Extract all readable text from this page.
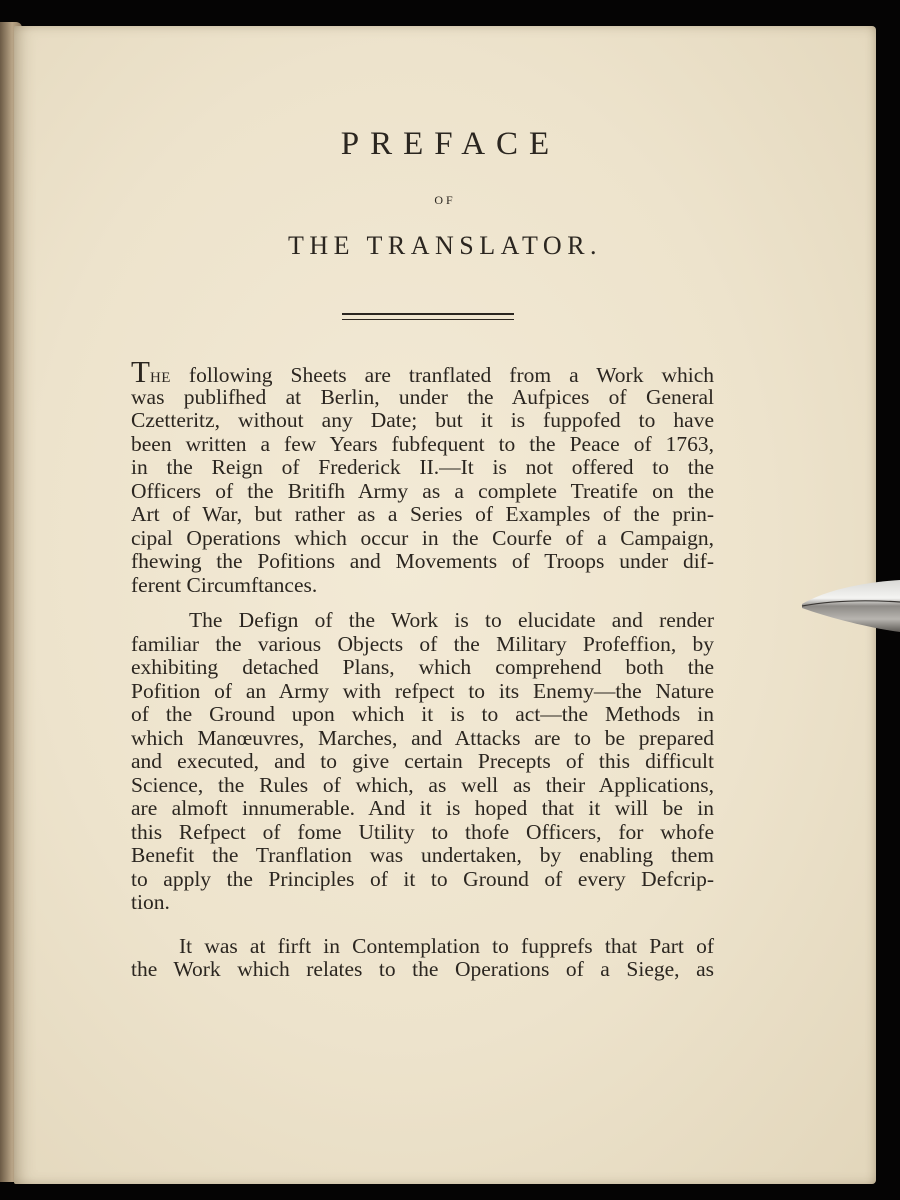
PREFACE
OF
THE TRANSLATOR.
THE following Sheets are tranflated from a Work which
was publifhed at Berlin, under the Aufpices of General
Czetteritz, without any Date; but it is fuppofed to have
been written a few Years fubfequent to the Peace of 1763,
in the Reign of Frederick II.—It is not offered to the
Officers of the Britifh Army as a complete Treatife on the
Art of War, but rather as a Series of Examples of the prin-
cipal Operations which occur in the Courfe of a Campaign,
fhewing the Pofitions and Movements of Troops under dif-
ferent Circumftances.
The Defign of the Work is to elucidate and render
familiar the various Objects of the Military Profeffion, by
exhibiting detached Plans, which comprehend both the
Pofition of an Army with refpect to its Enemy—the Nature
of the Ground upon which it is to act—the Methods in
which Manœuvres, Marches, and Attacks are to be prepared
and executed, and to give certain Precepts of this difficult
Science, the Rules of which, as well as their Applications,
are almoft innumerable. And it is hoped that it will be in
this Refpect of fome Utility to thofe Officers, for whofe
Benefit the Tranflation was undertaken, by enabling them
to apply the Principles of it to Ground of every Defcrip-
tion.
It was at firft in Contemplation to fupprefs that Part of
the Work which relates to the Operations of a Siege, as
